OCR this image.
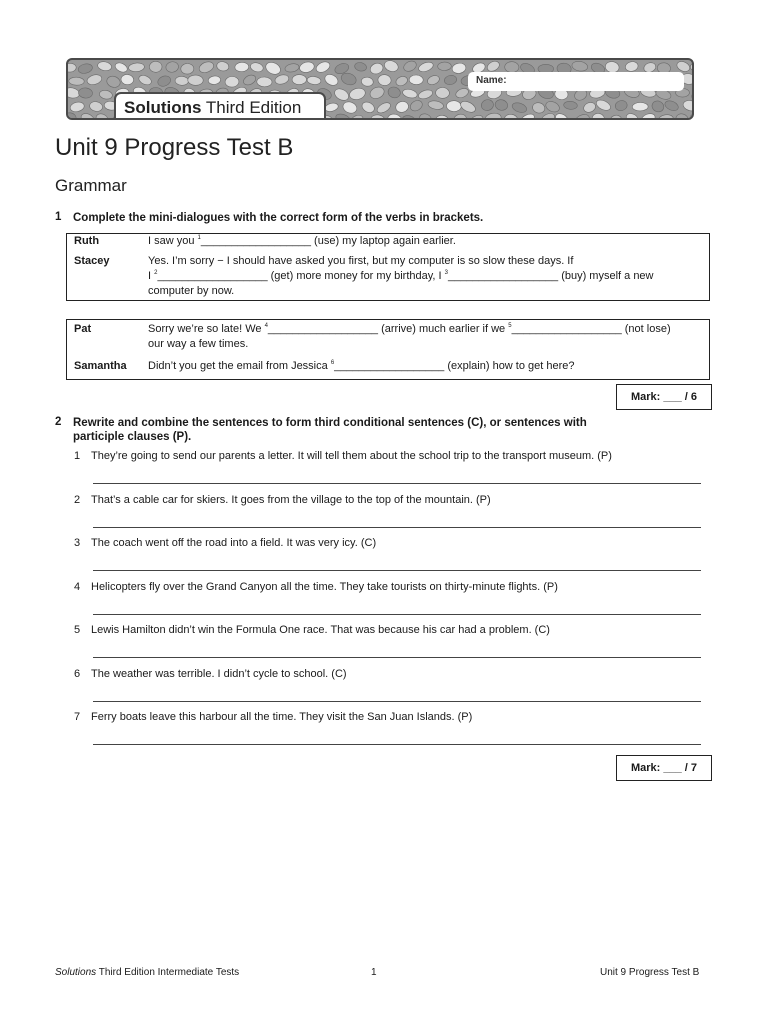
Name:
Solutions Third Edition
Unit 9 Progress Test B
Grammar
1 Complete the mini-dialogues with the correct form of the verbs in brackets.
Ruth	I saw you $^1$__________________ (use) my laptop again earlier.
Stacey	Yes. I’m sorry − I should have asked you first, but my computer is so slow these days. If
I $^2$__________________ (get) more money for my birthday, I $^3$__________________ (buy) myself a new
computer by now.
Pat	Sorry we’re so late! We $^4$__________________ (arrive) much earlier if we $^5$__________________ (not lose)
our way a few times.
Samantha Didn’t you get the email from Jessica $^6$__________________ (explain) how to get here?
Mark: ___ / 6
2 Rewrite and combine the sentences to form third conditional sentences (C), or sentences with
participle clauses (P).
1 They’re going to send our parents a letter. It will tell them about the school trip to the transport museum. (P)
2 That’s a cable car for skiers. It goes from the village to the top of the mountain. (P)
3 The coach went off the road into a field. It was very icy. (C)
4 Helicopters fly over the Grand Canyon all the time. They take tourists on thirty-minute flights. (P)
5 Lewis Hamilton didn’t win the Formula One race. That was because his car had a problem. (C)
6 The weather was terrible. I didn’t cycle to school. (C)
7 Ferry boats leave this harbour all the time. They visit the San Juan Islands. (P)
Mark: ___ / 7
Solutions Third Edition Intermediate Tests	1	Unit 9 Progress Test B
